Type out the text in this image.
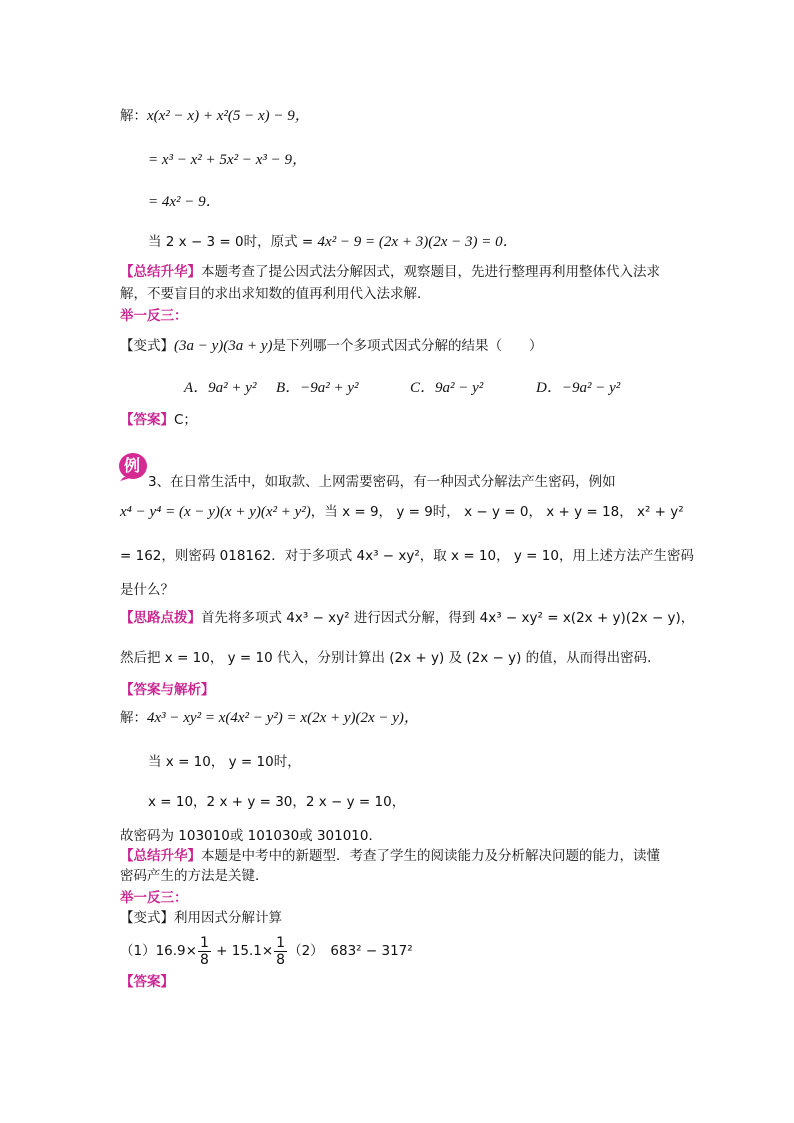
解：x(x² − x) + x²(5 − x) − 9，
= x³ − x² + 5x² − x³ − 9，
= 4x² − 9．
当 2 x − 3 = 0时，原式 = 4x² − 9 = (2x + 3)(2x − 3) = 0．
【总结升华】本题考查了提公因式法分解因式，观察题目，先进行整理再利用整体代入法求
解，不要盲目的求出求知数的值再利用代入法求解．
举一反三：
【变式】(3a − y)(3a + y)是下列哪一个多项式因式分解的结果（　　）
A．9a² + y² B．−9a² + y²	C．9a² − y²	D．−9a² − y²
【答案】C；
例
3、在日常生活中，如取款、上网需要密码，有一种因式分解法产生密码，例如
x⁴ − y⁴ = (x − y)(x + y)(x² + y²)，当 x = 9， y = 9时， x − y = 0， x + y = 18， x² + y²
= 162，则密码 018162．对于多项式 4x³ − xy²，取 x = 10， y = 10，用上述方法产生密码
是什么？
【思路点拨】首先将多项式 4x³ − xy² 进行因式分解，得到 4x³ − xy² = x(2x + y)(2x − y)，
然后把 x = 10， y = 10 代入，分别计算出 (2x + y) 及 (2x − y) 的值，从而得出密码．
【答案与解析】
解：4x³ − xy² = x(4x² − y²) = x(2x + y)(2x − y)，
当 x = 10， y = 10时，
x = 10，2 x + y = 30，2 x − y = 10，
故密码为 103010或 101030或 301010．
【总结升华】本题是中考中的新题型．考查了学生的阅读能力及分析解决问题的能力，读懂
密码产生的方法是关键．
举一反三：
【变式】利用因式分解计算
$(1)16.9\times \frac{1}{8} + 15.1\times \frac{1}{8} (2)$　683² − 317²
【答案】
